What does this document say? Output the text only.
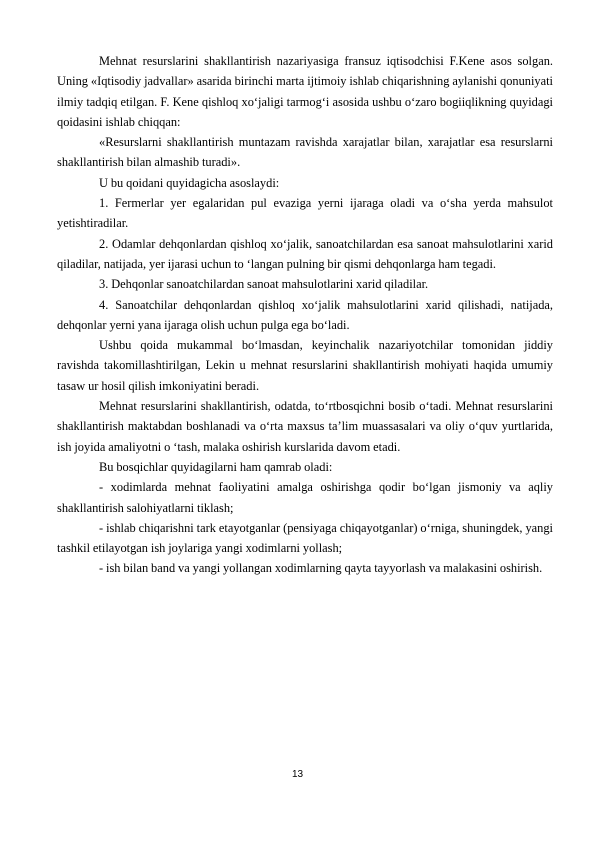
Mehnat resurslarini shakllantirish nazariyasiga fransuz iqtisodchisi F.Kene asos solgan. Uning «Iqtisodiy jadvallar» asarida birinchi marta ijtimoiy ishlab chiqarishning aylanishi qonuniyati ilmiy tadqiq etilgan. F. Kene qishloq xo‘jaligi tarmog‘i asosida ushbu o‘zaro bogiiqlikning quyidagi qoidasini ishlab chiqqan:

«Resurslarni shakllantirish muntazam ravishda xarajatlar bilan, xarajatlar esa resurslarni shakllantirish bilan almashib turadi».

U bu qoidani quyidagicha asoslaydi:

1. Fermerlar yer egalaridan pul evaziga yerni ijaraga oladi va o‘sha yerda mahsulot yetishtiradilar.

2. Odamlar dehqonlardan qishloq xo‘jalik, sanoatchilardan esa sanoat mahsulotlarini xarid qiladilar, natijada, yer ijarasi uchun to ‘langan pulning bir qismi dehqonlarga ham tegadi.

3. Dehqonlar sanoatchilardan sanoat mahsulotlarini xarid qiladilar.

4. Sanoatchilar dehqonlardan qishloq xo‘jalik mahsulotlarini xarid qilishadi, natijada, dehqonlar yerni yana ijaraga olish uchun pulga ega bo‘ladi.

Ushbu qoida mukammal bo‘lmasdan, keyinchalik nazariyotchilar tomonidan jiddiy ravishda takomillashtirilgan, Lekin u mehnat resurslarini shakllantirish mohiyati haqida umumiy tasaw ur hosil qilish imkoniyatini beradi.

Mehnat resurslarini shakllantirish, odatda, to‘rtbosqichni bosib o‘tadi. Mehnat resurslarini shakllantirish maktabdan boshlanadi va o‘rta maxsus ta’lim muassasalari va oliy o‘quv yurtlarida, ish joyida amaliyotni o ‘tash, malaka oshirish kurslarida davom etadi.

Bu bosqichlar quyidagilarni ham qamrab oladi:

- xodimlarda mehnat faoliyatini amalga oshirishga qodir bo‘lgan jismoniy va aqliy shakllantirish salohiyatlarni tiklash;

- ishlab chiqarishni tark etayotganlar (pensiyaga chiqayotganlar) o‘rniga, shuningdek, yangi tashkil etilayotgan ish joylariga yangi xodimlarni yollash;

- ish bilan band va yangi yollangan xodimlarning qayta tayyorlash va malakasini oshirish.

13
